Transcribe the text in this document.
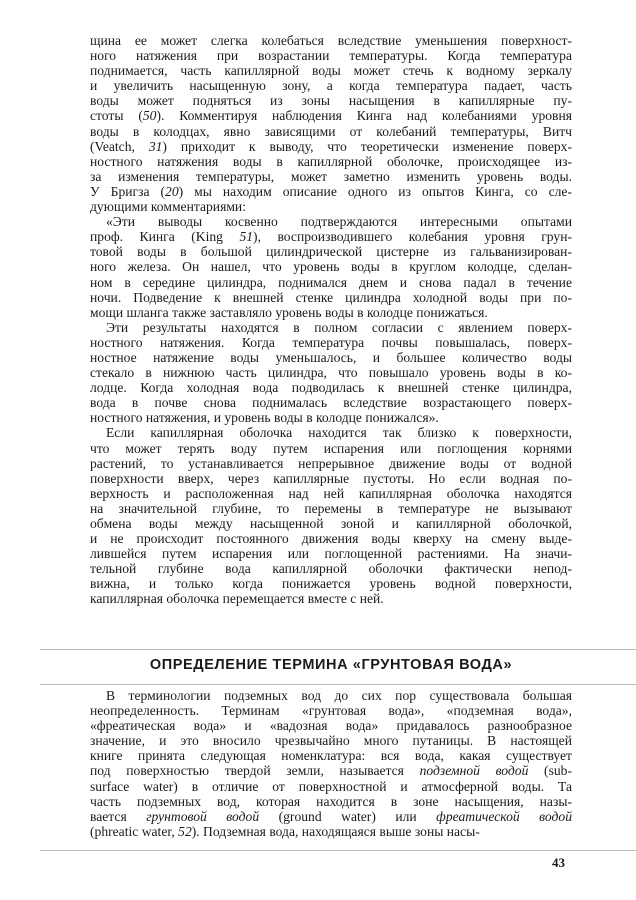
щина ее может слегка колебаться вследствие уменьшения поверхност-
ного натяжения при возрастании температуры. Когда температура
поднимается, часть капиллярной воды может стечь к водному зеркалу
и увеличить насыщенную зону, а когда температура падает, часть
воды может подняться из зоны насыщения в капиллярные пу-
стоты (50). Комментируя наблюдения Кинга над колебаниями уровня
воды в колодцах, явно зависящими от колебаний температуры, Витч
(Veatch, 31) приходит к выводу, что теоретически изменение поверх-
ностного натяжения воды в капиллярной оболочке, происходящее из-
за изменения температуры, может заметно изменить уровень воды.
У Бригза (20) мы находим описание одного из опытов Кинга, со сле-
дующими комментариями:
«Эти выводы косвенно подтверждаются интересными опытами
проф. Кинга (King 51), воспроизводившего колебания уровня грун-
товой воды в большой цилиндрической цистерне из гальванизирован-
ного железа. Он нашел, что уровень воды в круглом колодце, сделан-
ном в середине цилиндра, поднимался днем и снова падал в течение
ночи. Подведение к внешней стенке цилиндра холодной воды при по-
мощи шланга также заставляло уровень воды в колодце понижаться.
Эти результаты находятся в полном согласии с явлением поверх-
ностного натяжения. Когда температура почвы повышалась, поверх-
ностное натяжение воды уменьшалось, и большее количество воды
стекало в нижнюю часть цилиндра, что повышало уровень воды в ко-
лодце. Когда холодная вода подводилась к внешней стенке цилиндра,
вода в почве снова поднималась вследствие возрастающего поверх-
ностного натяжения, и уровень воды в колодце понижался».
Если капиллярная оболочка находится так близко к поверхности,
что может терять воду путем испарения или поглощения корнями
растений, то устанавливается непрерывное движение воды от водной
поверхности вверх, через капиллярные пустоты. Но если водная по-
верхность и расположенная над ней капиллярная оболочка находятся
на значительной глубине, то перемены в температуре не вызывают
обмена воды между насыщенной зоной и капиллярной оболочкой,
и не происходит постоянного движения воды кверху на смену выде-
лившейся путем испарения или поглощенной растениями. На значи-
тельной глубине вода капиллярной оболочки фактически непод-
вижна, и только когда понижается уровень водной поверхности,
капиллярная оболочка перемещается вместе с ней.
ОПРЕДЕЛЕНИЕ ТЕРМИНА «ГРУНТОВАЯ ВОДА»
В терминологии подземных вод до сих пор существовала большая
неопределенность. Терминам «грунтовая вода», «подземная вода»,
«фреатическая вода» и «вадозная вода» придавалось разнообразное
значение, и это вносило чрезвычайно много путаницы. В настоящей
книге принята следующая номенклатура: вся вода, какая существует
под поверхностью твердой земли, называется подземной водой (sub-
surface water) в отличие от поверхностной и атмосферной воды. Та
часть подземных вод, которая находится в зоне насыщения, назы-
вается грунтовой водой (ground water) или фреатической водой
(phreatic water, 52). Подземная вода, находящаяся выше зоны насы-
43
